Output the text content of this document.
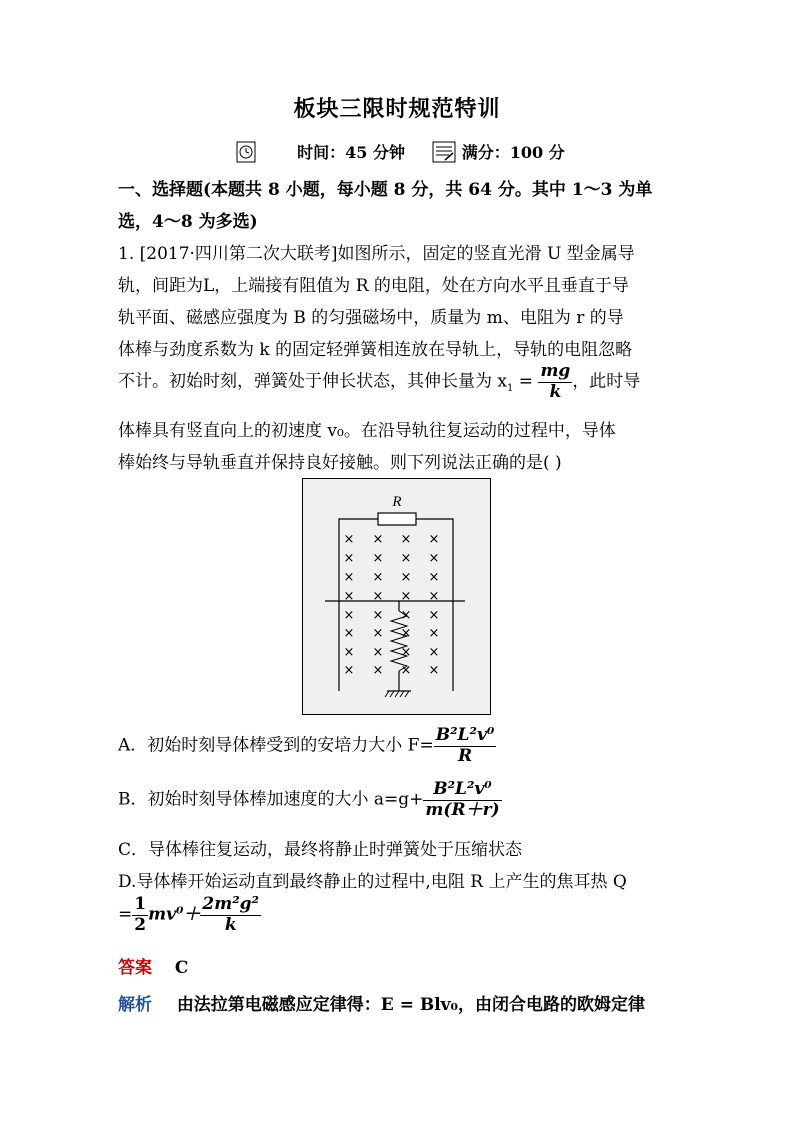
板块三限时规范特训
时间：45 分钟	满分：100 分
一、选择题(本题共 8 小题，每小题 8 分，共 64 分。其中 1～3 为单
选，4～8 为多选)
1. [2017·四川第二次大联考]如图所示，固定的竖直光滑 U 型金属导
轨，间距为L，上端接有阻值为 R 的电阻，处在方向水平且垂直于导
轨平面、磁感应强度为 B 的匀强磁场中，质量为 m、电阻为 r 的导
体棒与劲度系数为 k 的固定轻弹簧相连放在导轨上，导轨的电阻忽略
不计。初始时刻，弹簧处于伸长状态，其伸长量为 $x_1 = \frac{mg}{k}$ ，此时导
体棒具有竖直向上的初速度 v₀。在沿导轨往复运动的过程中，导体
棒始终与导轨垂直并保持良好接触。则下列说法正确的是( )
R
× × × ×
× × × ×
× × × ×
× × × ×
× × × ×
× × × ×
× × × ×
× × × ×
A．初始时刻导体棒受到的安培力大小 $F= \frac{\text{B²L²v⁰}}{R}$
B．初始时刻导体棒加速度的大小 $a=g+ \frac{\text{B²L²v⁰}}{m(R+r)}$
C．导体棒往复运动，最终将静止时弹簧处于压缩状态
D.导体棒开始运动直到最终静止的过程中,电阻 R 上产生的焦耳热 Q
= $\frac{1}{2} mv^0+ \frac{\text{2m²g²}}{k}$
答案 C
解析 由法拉第电磁感应定律得：E = Blv₀，由闭合电路的欧姆定律
